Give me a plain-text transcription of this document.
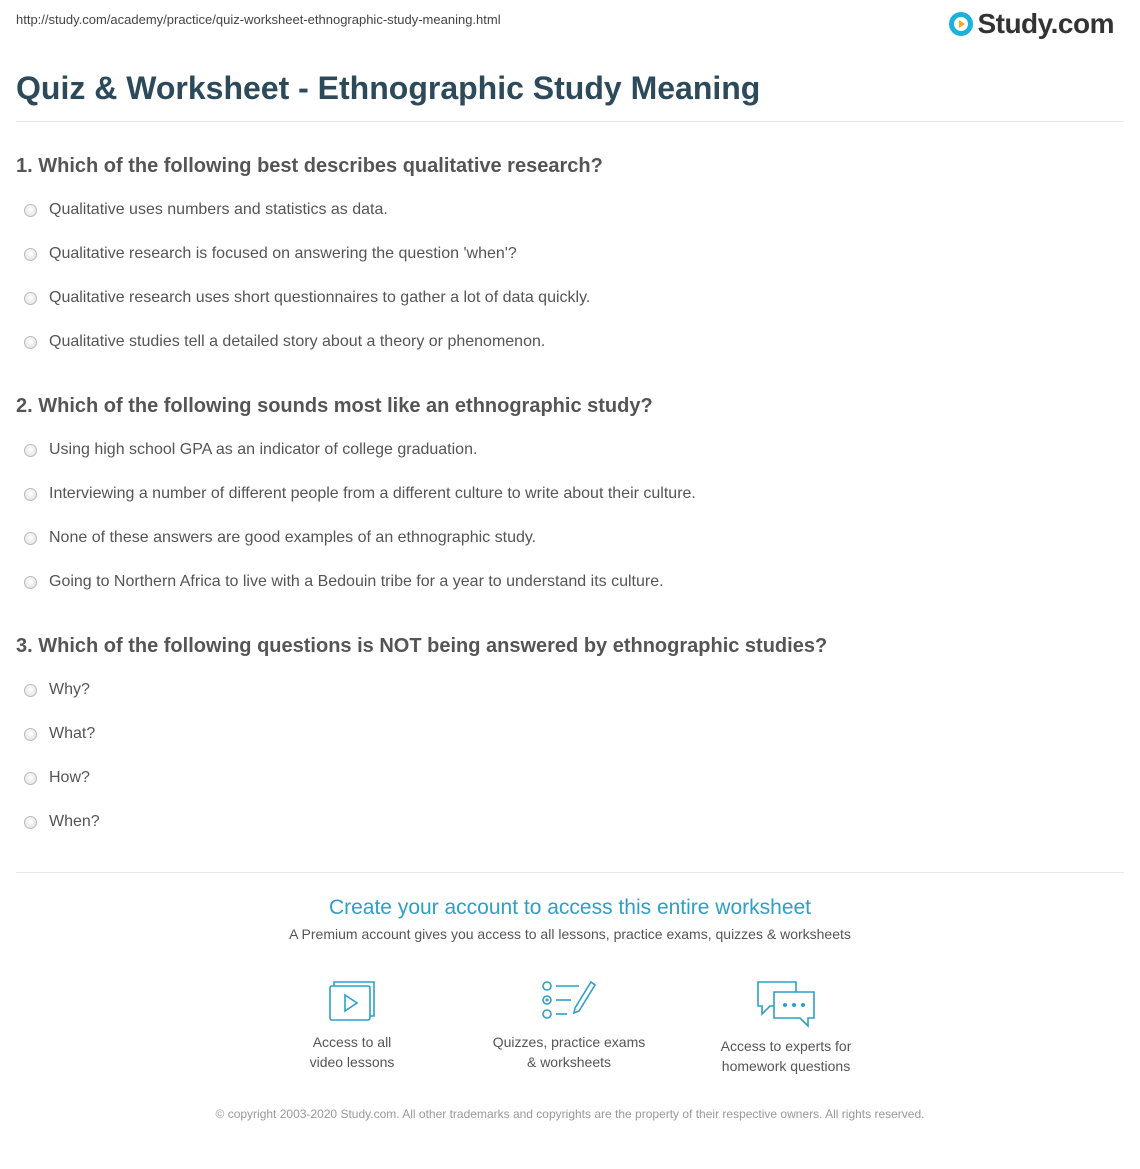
http://study.com/academy/practice/quiz-worksheet-ethnographic-study-meaning.html	Study.com
Quiz & Worksheet - Ethnographic Study Meaning
1. Which of the following best describes qualitative research?
Qualitative uses numbers and statistics as data.
Qualitative research is focused on answering the question 'when'?
Qualitative research uses short questionnaires to gather a lot of data quickly.
Qualitative studies tell a detailed story about a theory or phenomenon.
2. Which of the following sounds most like an ethnographic study?
Using high school GPA as an indicator of college graduation.
Interviewing a number of different people from a different culture to write about their culture.
None of these answers are good examples of an ethnographic study.
Going to Northern Africa to live with a Bedouin tribe for a year to understand its culture.
3. Which of the following questions is NOT being answered by ethnographic studies?
Why?
What?
How?
When?
Create your account to access this entire worksheet
A Premium account gives you access to all lessons, practice exams, quizzes & worksheets
Access to all
video lessons
Quizzes, practice exams
& worksheets
Access to experts for
homework questions
© copyright 2003-2020 Study.com. All other trademarks and copyrights are the property of their respective owners. All rights reserved.
